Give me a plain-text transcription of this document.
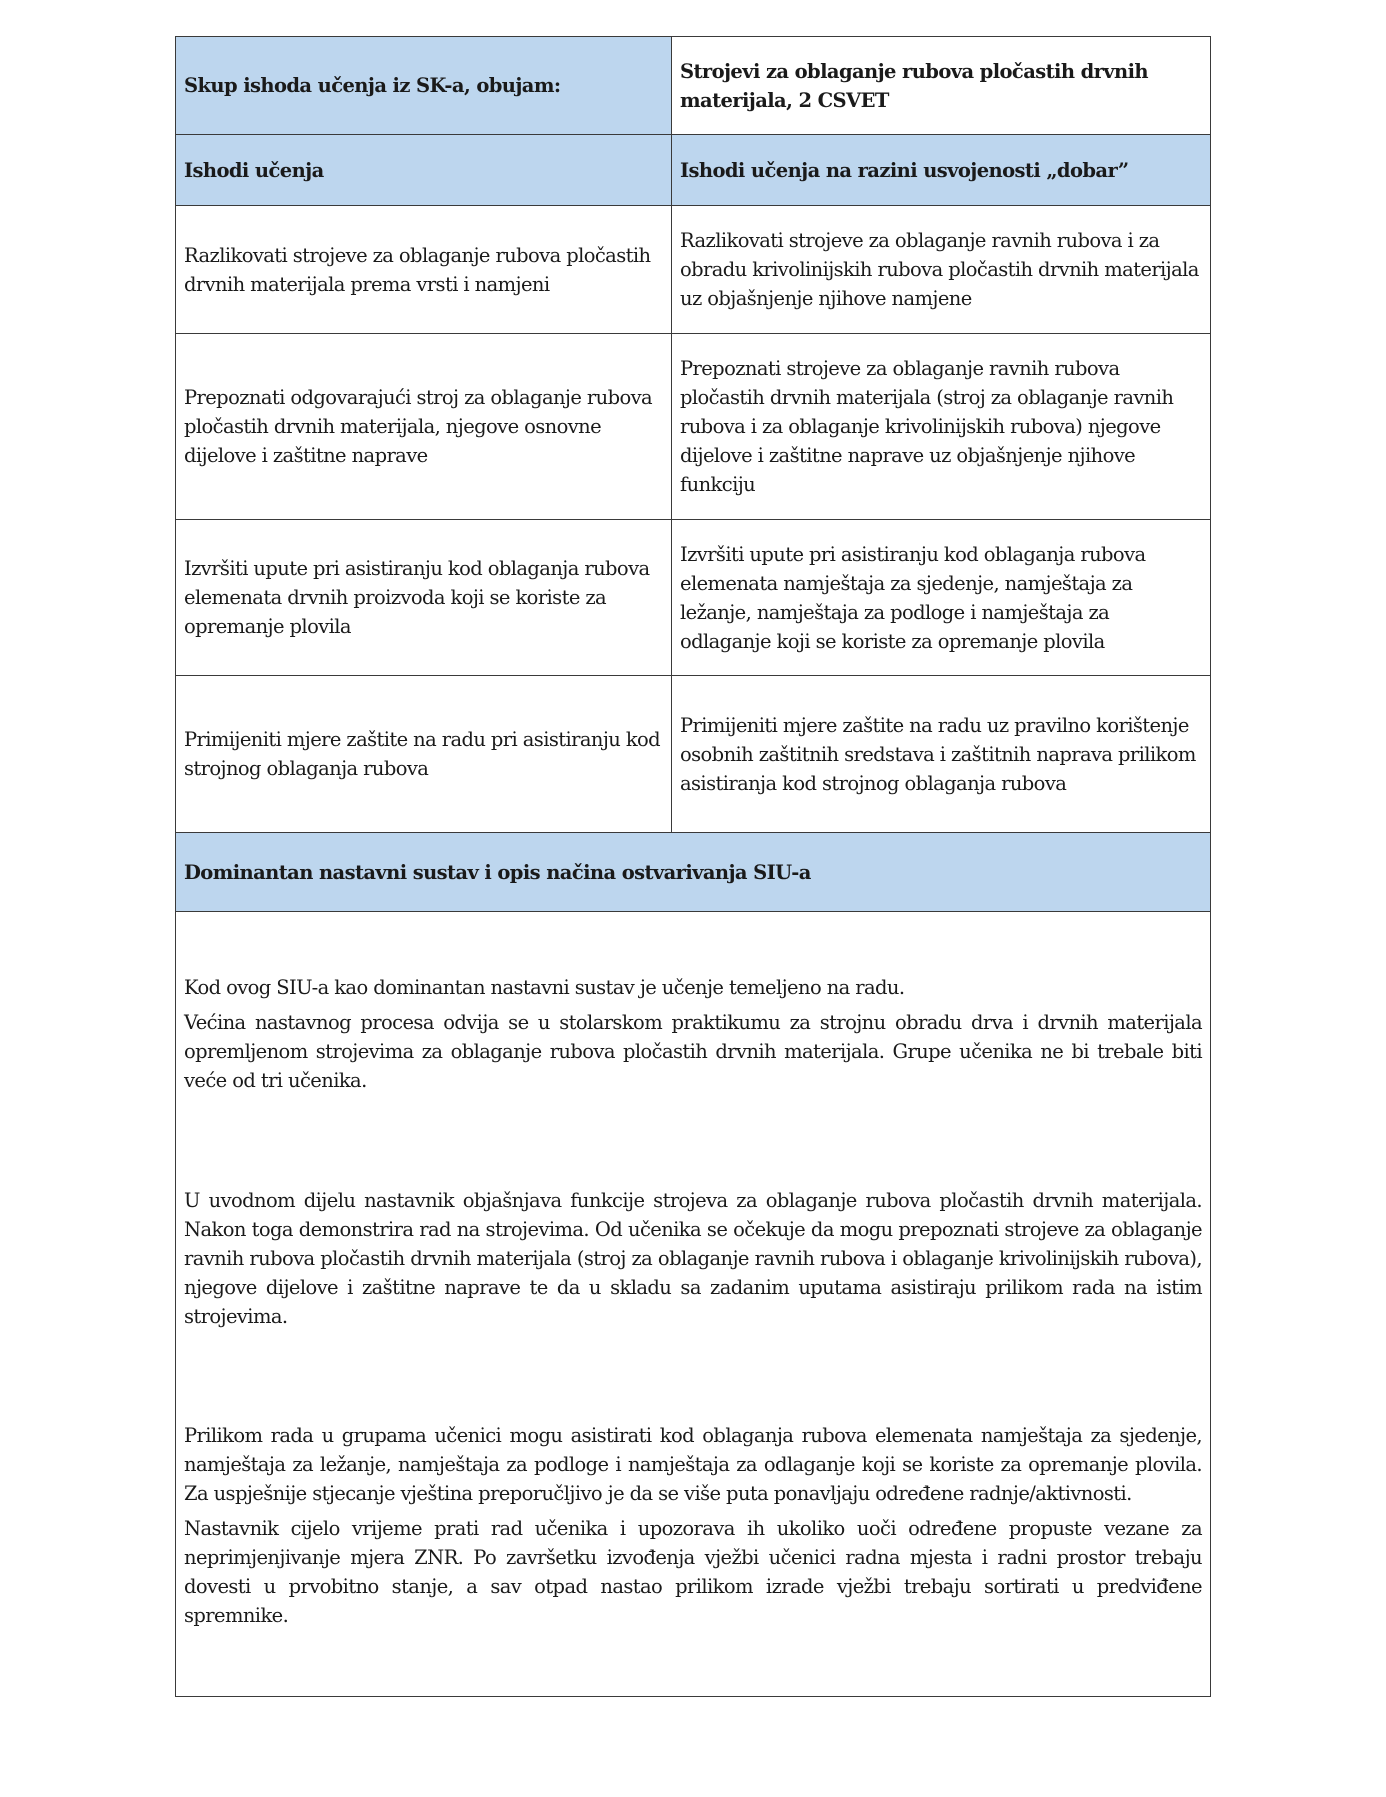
Skup ishoda učenja iz SK-a, obujam:	Strojevi za oblaganje rubova pločastih drvnih materijala, 2 CSVET
Ishodi učenja	Ishodi učenja na razini usvojenosti „dobar”
Razlikovati strojeve za oblaganje rubova pločastih drvnih materijala prema vrsti i namjeni	Razlikovati strojeve za oblaganje ravnih rubova i za obradu krivolinijskih rubova pločastih drvnih materijala uz objašnjenje njihove namjene
Prepoznati odgovarajući stroj za oblaganje rubova pločastih drvnih materijala, njegove osnovne dijelove i zaštitne naprave	Prepoznati strojeve za oblaganje ravnih rubova pločastih drvnih materijala (stroj za oblaganje ravnih rubova i za oblaganje krivolinijskih rubova) njegove dijelove i zaštitne naprave uz objašnjenje njihove funkciju
Izvršiti upute pri asistiranju kod oblaganja rubova elemenata drvnih proizvoda koji se koriste za opremanje plovila	Izvršiti upute pri asistiranju kod oblaganja rubova elemenata namještaja za sjedenje, namještaja za ležanje, namještaja za podloge i namještaja za odlaganje koji se koriste za opremanje plovila
Primijeniti mjere zaštite na radu pri asistiranju kod strojnog oblaganja rubova	Primijeniti mjere zaštite na radu uz pravilno korištenje osobnih zaštitnih sredstava i zaštitnih naprava prilikom asistiranja kod strojnog oblaganja rubova
Dominantan nastavni sustav i opis načina ostvarivanja SIU-a	

Kod ovog SIU-a kao dominantan nastavni sustav je učenje temeljeno na radu.

Većina nastavnog procesa odvija se u stolarskom praktikumu za strojnu obradu drva i drvnih materijala opremljenom strojevima za oblaganje rubova pločastih drvnih materijala. Grupe učenika ne bi trebale biti veće od tri učenika.

U uvodnom dijelu nastavnik objašnjava funkcije strojeva za oblaganje rubova pločastih drvnih materijala. Nakon toga demonstrira rad na strojevima. Od učenika se očekuje da mogu prepoznati strojeve za oblaganje ravnih rubova pločastih drvnih materijala (stroj za oblaganje ravnih rubova i oblaganje krivolinijskih rubova), njegove dijelove i zaštitne naprave te da u skladu sa zadanim uputama asistiraju prilikom rada na istim strojevima.

Prilikom rada u grupama učenici mogu asistirati kod oblaganja rubova elemenata namještaja za sjedenje, namještaja za ležanje, namještaja za podloge i namještaja za odlaganje koji se koriste za opremanje plovila. Za uspješnije stjecanje vještina preporučljivo je da se više puta ponavljaju određene radnje/aktivnosti.

Nastavnik cijelo vrijeme prati rad učenika i upozorava ih ukoliko uoči određene propuste vezane za neprimjenjivanje mjera ZNR. Po završetku izvođenja vježbi učenici radna mjesta i radni prostor trebaju dovesti u prvobitno stanje, a sav otpad nastao prilikom izrade vježbi trebaju sortirati u predviđene spremnike.	
